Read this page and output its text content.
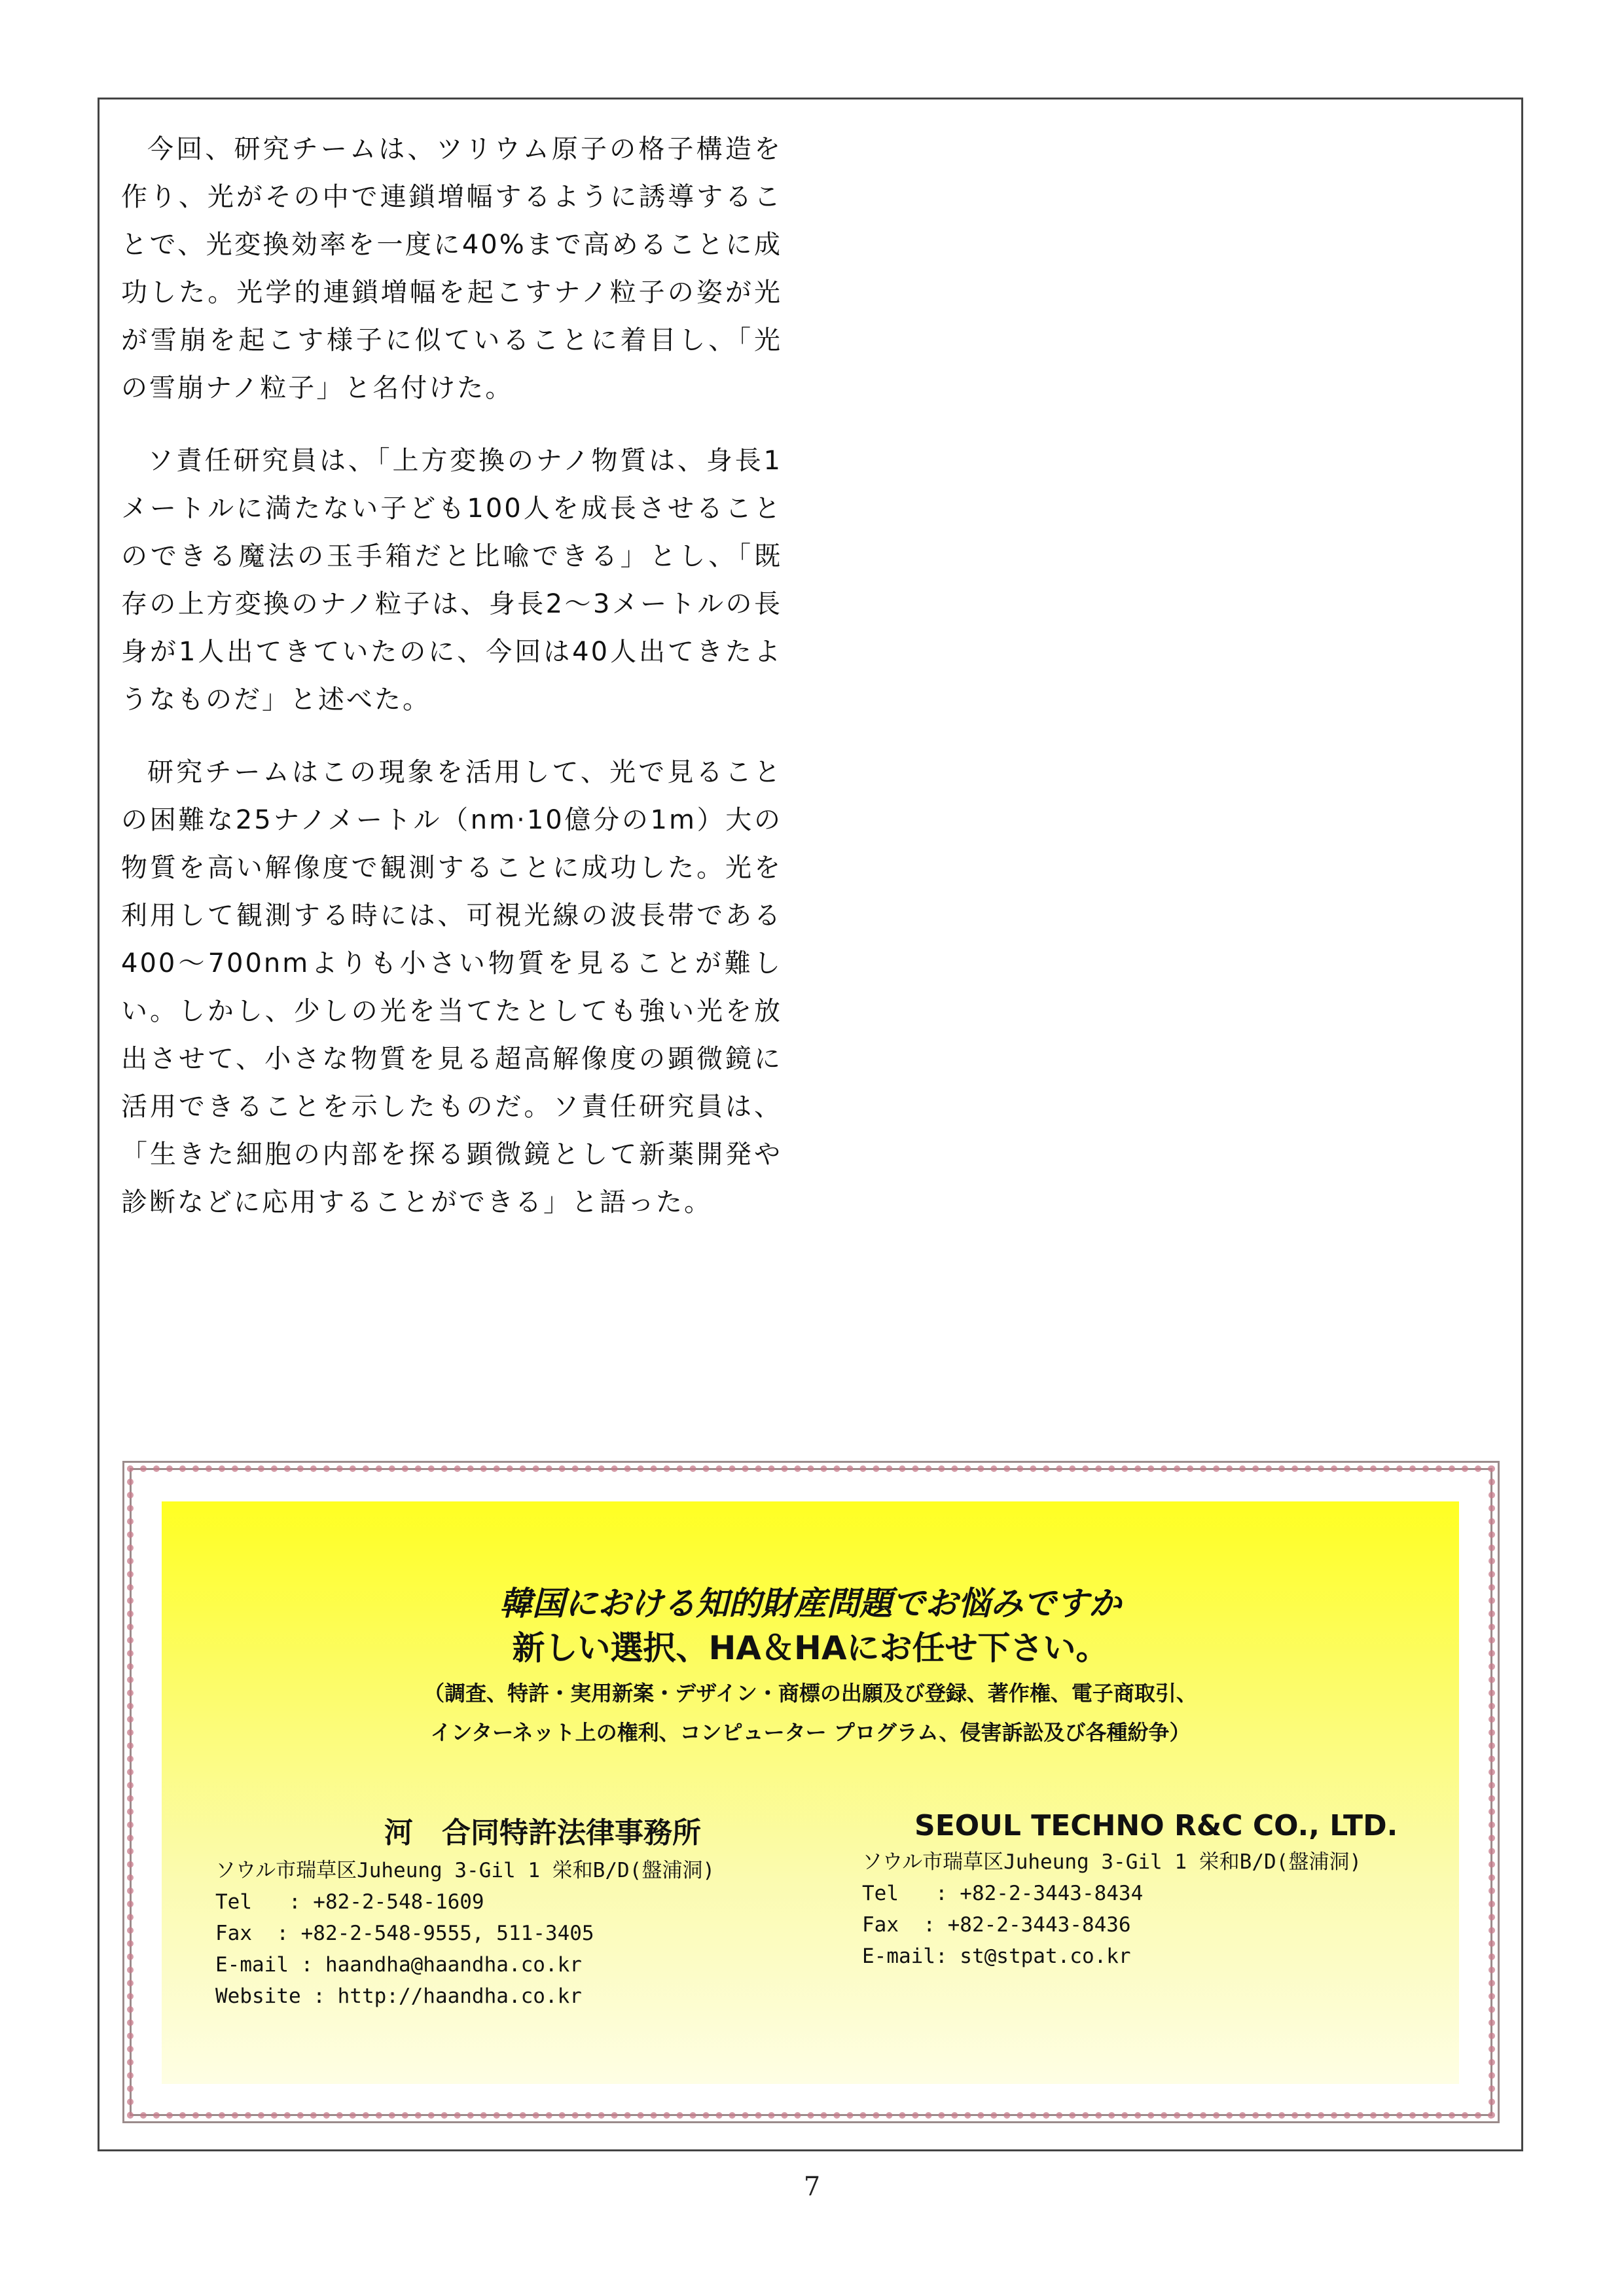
今回、研究チームは、ツリウム原子の格子構造を作り、光がその中で連鎖増幅するように誘導することで、光変換効率を一度に40%まで高めることに成功した。光学的連鎖増幅を起こすナノ粒子の姿が光が雪崩を起こす様子に似ていることに着目し、「光の雪崩ナノ粒子」と名付けた。

ソ責任研究員は、「上方変換のナノ物質は、身長1メートルに満たない子ども100人を成長させることのできる魔法の玉手箱だと比喩できる」とし、「既存の上方変換のナノ粒子は、身長2～3メートルの長身が1人出てきていたのに、今回は40人出てきたようなものだ」と述べた。

研究チームはこの現象を活用して、光で見ることの困難な25ナノメートル（nm·10億分の1m）大の物質を高い解像度で観測することに成功した。光を利用して観測する時には、可視光線の波長帯である400～700nmよりも小さい物質を見ることが難しい。しかし、少しの光を当てたとしても強い光を放出させて、小さな物質を見る超高解像度の顕微鏡に活用できることを示したものだ。ソ責任研究員は、「生きた細胞の内部を探る顕微鏡として新薬開発や診断などに応用することができる」と語った。

韓国における知的財産問題でお悩みですか
新しい選択、HA＆HAにお任せ下さい。
（調査、特許・実用新案・デザイン・商標の出願及び登録、著作権、電子商取引、
インターネット上の権利、コンピューター プログラム、侵害訴訟及び各種紛争）
河　合同特許法律事務所
ソウル市瑞草区Juheung 3-Gil 1 栄和B/D(盤浦洞)
Tel   : +82-2-548-1609
Fax  : +82-2-548-9555, 511-3405
E-mail : haandha@haandha.co.kr
Website : http://haandha.co.kr
SEOUL TECHNO R&C CO., LTD.
ソウル市瑞草区Juheung 3-Gil 1 栄和B/D(盤浦洞)
Tel   : +82-2-3443-8434
Fax  : +82-2-3443-8436
E-mail: st@stpat.co.kr
7
